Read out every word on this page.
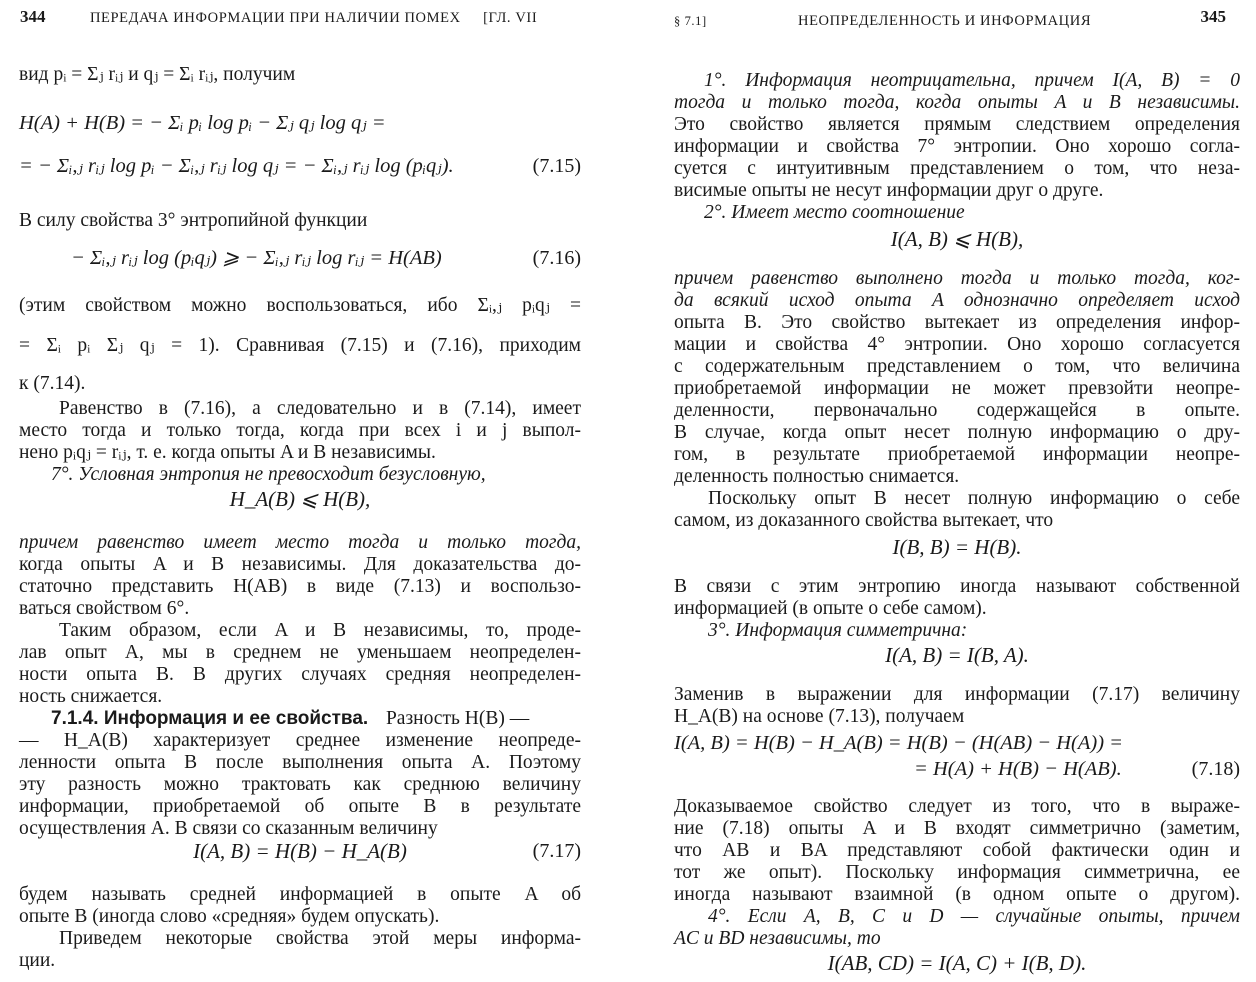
344	ПЕРЕДАЧА ИНФОРМАЦИИ ПРИ НАЛИЧИИ ПОМЕХ [ГЛ. VII
вид pᵢ = Σⱼ rᵢⱼ и qⱼ = Σᵢ rᵢⱼ, получим
H(A) + H(B) = − Σᵢ pᵢ log pᵢ − Σⱼ qⱼ log qⱼ =
= − Σᵢ,ⱼ rᵢⱼ log pᵢ − Σᵢ,ⱼ rᵢⱼ log qⱼ = − Σᵢ,ⱼ rᵢⱼ log (pᵢqⱼ).	(7.15)
В силу свойства 3° энтропийной функции
− Σᵢ,ⱼ rᵢⱼ log (pᵢqⱼ) ⩾ − Σᵢ,ⱼ rᵢⱼ log rᵢⱼ = H(AB)	(7.16)
(этим свойством можно воспользоваться, ибо Σᵢ,ⱼ pᵢqⱼ =
= Σᵢ pᵢ Σⱼ qⱼ = 1). Сравнивая (7.15) и (7.16), приходим
к (7.14).
Равенство в (7.16), а следовательно и в (7.14), имеет
место тогда и только тогда, когда при всех i и j выпол-
нено pᵢqⱼ = rᵢⱼ, т. е. когда опыты A и B независимы.
7°. Условная энтропия не превосходит безусловную,
H_A(B) ⩽ H(B),
причем равенство имеет место тогда и только тогда,
когда опыты A и B независимы. Для доказательства до-
статочно представить H(AB) в виде (7.13) и воспользо-
ваться свойством 6°.
Таким образом, если A и B независимы, то, проде-
лав опыт A, мы в среднем не уменьшаем неопределен-
ности опыта B. В других случаях средняя неопределен-
ность снижается.
7.1.4. Информация и ее свойства. Разность H(B) —
— H_A(B) характеризует среднее изменение неопреде-
ленности опыта B после выполнения опыта A. Поэтому
эту разность можно трактовать как среднюю величину
информации, приобретаемой об опыте B в результате
осуществления A. В связи со сказанным величину
I(A, B) = H(B) − H_A(B)	(7.17)
будем называть средней информацией в опыте A об
опыте B (иногда слово «средняя» будем опускать).
Приведем некоторые свойства этой меры информа-
ции.
§ 7.1]	НЕОПРЕДЕЛЕННОСТЬ И ИНФОРМАЦИЯ	345
1°. Информация неотрицательна, причем I(A, B) = 0
тогда и только тогда, когда опыты A и B независимы.
Это свойство является прямым следствием определения
информации и свойства 7° энтропии. Оно хорошо согла-
суется с интуитивным представлением о том, что неза-
висимые опыты не несут информации друг о друге.
2°. Имеет место соотношение
I(A, B) ⩽ H(B),
причем равенство выполнено тогда и только тогда, ког-
да всякий исход опыта A однозначно определяет исход
опыта B. Это свойство вытекает из определения инфор-
мации и свойства 4° энтропии. Оно хорошо согласуется
с содержательным представлением о том, что величина
приобретаемой информации не может превзойти неопре-
деленности, первоначально содержащейся в опыте.
В случае, когда опыт несет полную информацию о дру-
гом, в результате приобретаемой информации неопре-
деленность полностью снимается.
Поскольку опыт B несет полную информацию о себе
самом, из доказанного свойства вытекает, что
I(B, B) = H(B).
В связи с этим энтропию иногда называют собственной
информацией (в опыте о себе самом).
3°. Информация симметрична:
I(A, B) = I(B, A).
Заменив в выражении для информации (7.17) величину
H_A(B) на основе (7.13), получаем
I(A, B) = H(B) − H_A(B) = H(B) − (H(AB) − H(A)) =
= H(A) + H(B) − H(AB).	(7.18)
Доказываемое свойство следует из того, что в выраже-
ние (7.18) опыты A и B входят симметрично (заметим,
что AB и BA представляют собой фактически один и
тот же опыт). Поскольку информация симметрична, ее
иногда называют взаимной (в одном опыте о другом).
4°. Если A, B, C и D — случайные опыты, причем
AC и BD независимы, то
I(AB, CD) = I(A, C) + I(B, D).
